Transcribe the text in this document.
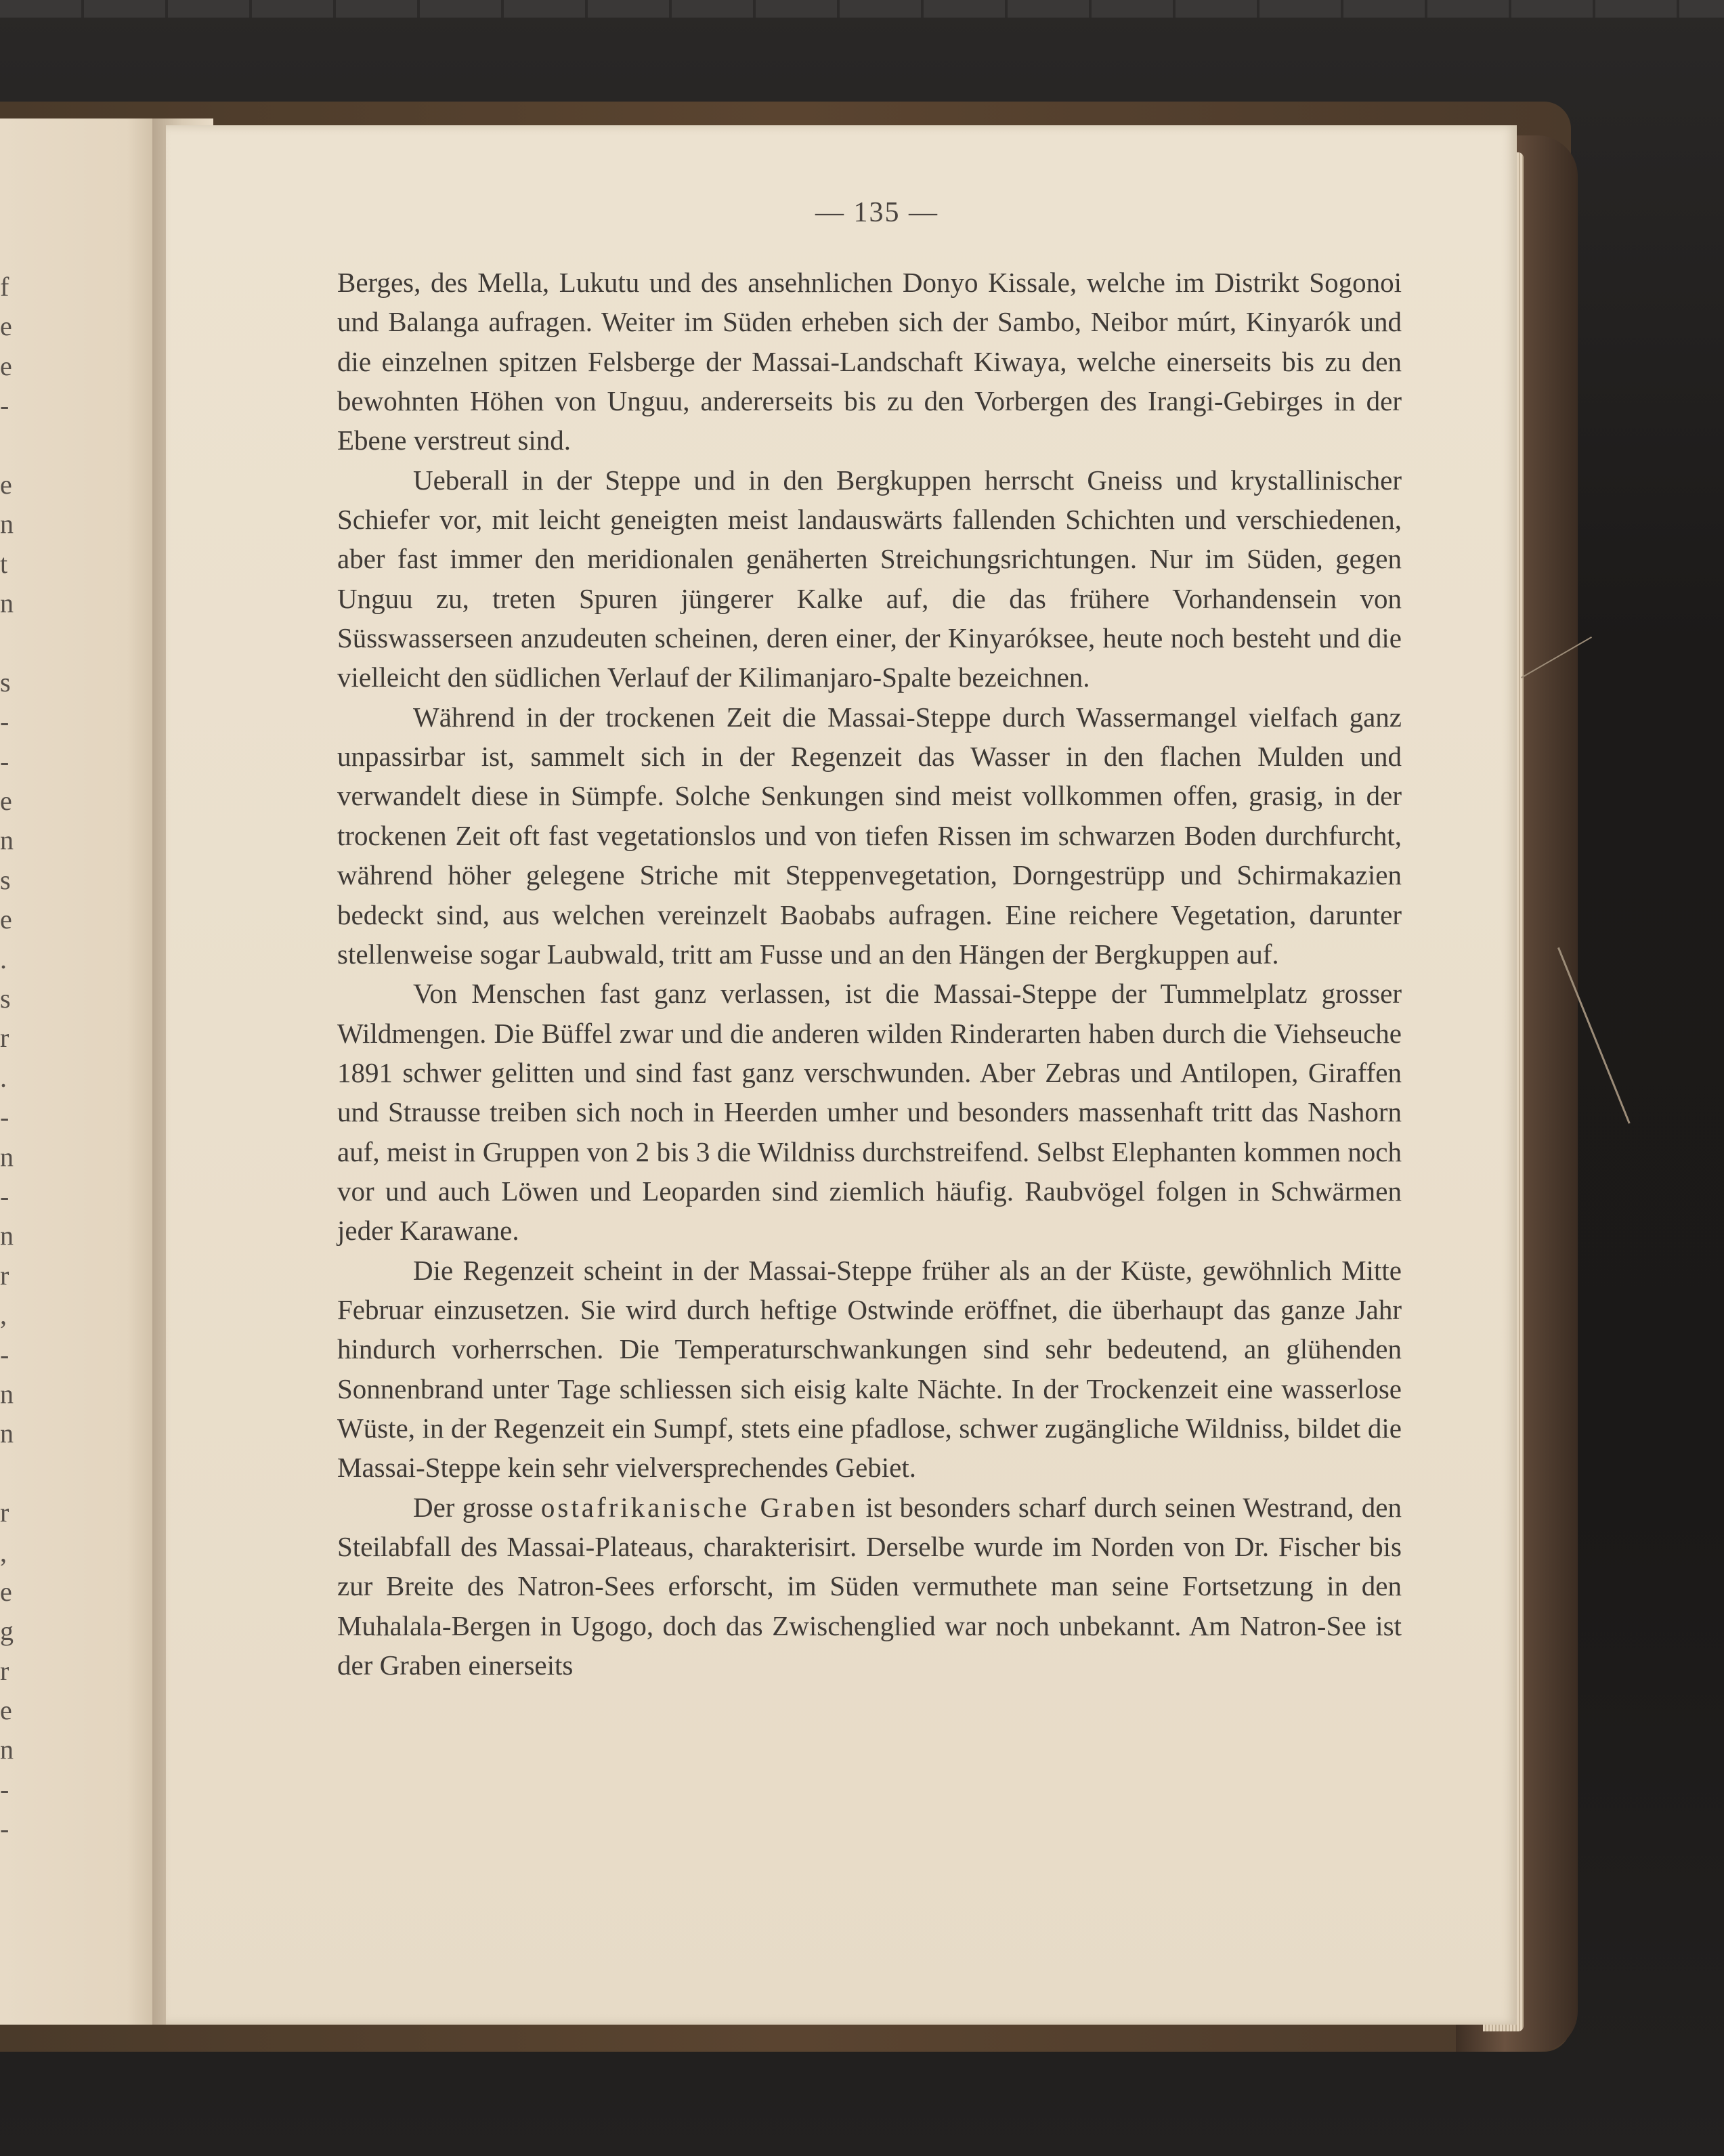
f
e
e
-
e
n
t
n
s
-
-
e
n
s
e
.
s
r
.
-
n
-
n
r
,
-
n
n
r
,
e
g
r
e
n
-
-
— 135 —

Berges, des Mella, Lukutu und des ansehnlichen Donyo Kissale, welche im Distrikt Sogonoi und Balanga aufragen. Weiter im Süden erheben sich der Sambo, Neibor múrt, Kinyarók und die einzelnen spitzen Felsberge der Massai-Landschaft Kiwaya, welche einerseits bis zu den bewohnten Höhen von Unguu, andererseits bis zu den Vorbergen des Irangi-Gebirges in der Ebene verstreut sind.

Ueberall in der Steppe und in den Bergkuppen herrscht Gneiss und krystallinischer Schiefer vor, mit leicht geneigten meist landauswärts fallenden Schichten und verschiedenen, aber fast immer den meridionalen genäherten Streichungsrichtungen. Nur im Süden, gegen Unguu zu, treten Spuren jüngerer Kalke auf, die das frühere Vorhandensein von Süsswasserseen anzudeuten scheinen, deren einer, der Kinyaróksee, heute noch besteht und die vielleicht den südlichen Verlauf der Kilimanjaro-Spalte bezeichnen.

Während in der trockenen Zeit die Massai-Steppe durch Wassermangel vielfach ganz unpassirbar ist, sammelt sich in der Regenzeit das Wasser in den flachen Mulden und verwandelt diese in Sümpfe. Solche Senkungen sind meist vollkommen offen, grasig, in der trockenen Zeit oft fast vegetationslos und von tiefen Rissen im schwarzen Boden durchfurcht, während höher gelegene Striche mit Steppenvegetation, Dorngestrüpp und Schirmakazien bedeckt sind, aus welchen vereinzelt Baobabs aufragen. Eine reichere Vegetation, darunter stellenweise sogar Laubwald, tritt am Fusse und an den Hängen der Bergkuppen auf.

Von Menschen fast ganz verlassen, ist die Massai-Steppe der Tummelplatz grosser Wildmengen. Die Büffel zwar und die anderen wilden Rinderarten haben durch die Viehseuche 1891 schwer gelitten und sind fast ganz verschwunden. Aber Zebras und Antilopen, Giraffen und Strausse treiben sich noch in Heerden umher und besonders massenhaft tritt das Nashorn auf, meist in Gruppen von 2 bis 3 die Wildniss durchstreifend. Selbst Elephanten kommen noch vor und auch Löwen und Leoparden sind ziemlich häufig. Raubvögel folgen in Schwärmen jeder Karawane.

Die Regenzeit scheint in der Massai-Steppe früher als an der Küste, gewöhnlich Mitte Februar einzusetzen. Sie wird durch heftige Ostwinde eröffnet, die überhaupt das ganze Jahr hindurch vorherrschen. Die Temperaturschwankungen sind sehr bedeutend, an glühenden Sonnenbrand unter Tage schliessen sich eisig kalte Nächte. In der Trockenzeit eine wasserlose Wüste, in der Regenzeit ein Sumpf, stets eine pfadlose, schwer zugängliche Wildniss, bildet die Massai-Steppe kein sehr vielversprechendes Gebiet.

Der grosse ostafrikanische Graben ist besonders scharf durch seinen Westrand, den Steilabfall des Massai-Plateaus, charakterisirt. Derselbe wurde im Norden von Dr. Fischer bis zur Breite des Natron-Sees erforscht, im Süden vermuthete man seine Fortsetzung in den Muhalala-Bergen in Ugogo, doch das Zwischenglied war noch unbekannt. Am Natron-See ist der Graben einerseits
